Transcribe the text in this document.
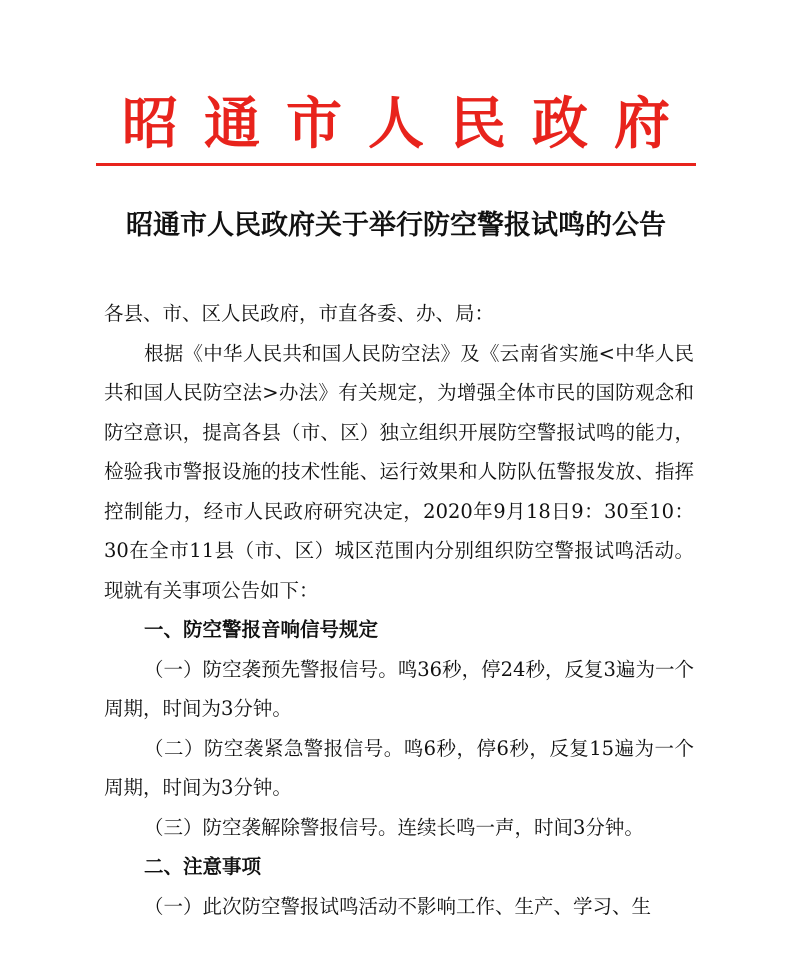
昭通市人民政府
昭通市人民政府关于举行防空警报试鸣的公告

各县、市、区人民政府，市直各委、办、局：

根据《中华人民共和国人民防空法》及《云南省实施<中华人民共和国人民防空法>办法》有关规定，为增强全体市民的国防观念和防空意识，提高各县（市、区）独立组织开展防空警报试鸣的能力，检验我市警报设施的技术性能、运行效果和人防队伍警报发放、指挥控制能力，经市人民政府研究决定，2020年9月18日9：30至10：30在全市11县（市、区）城区范围内分别组织防空警报试鸣活动。现就有关事项公告如下：

一、防空警报音响信号规定

（一）防空袭预先警报信号。鸣36秒，停24秒，反复3遍为一个周期，时间为3分钟。

（二）防空袭紧急警报信号。鸣6秒，停6秒，反复15遍为一个周期，时间为3分钟。

（三）防空袭解除警报信号。连续长鸣一声，时间3分钟。

二、注意事项

（一）此次防空警报试鸣活动不影响工作、生产、学习、生
